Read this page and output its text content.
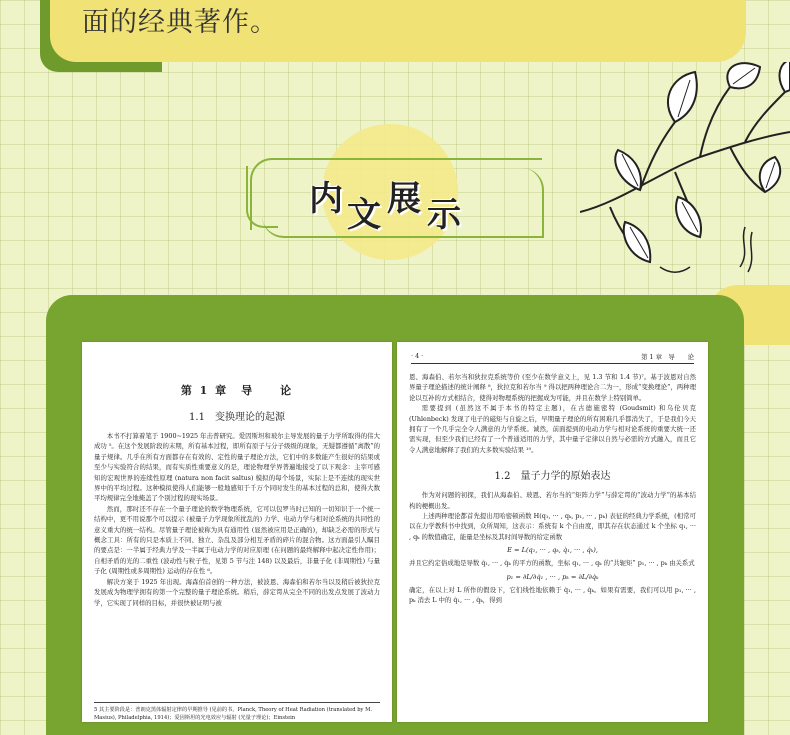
面的经典著作。
内 文 展 示
第 1 章　导　　论
1.1　变换理论的起源

本书不打算着笔于 1900∼1925 年击普研究。爱因斯坦和玻尔主导发展的量子力学所取得的伟大成功 ⁵。在这个发展阶段的末期，所有基本过程，即所有原子与分子级级的现象，无疑都遵循“离散”的量子规律。几乎在所有方面都存在有效的、定性的量子理论方法，它们中的多数能产生很好的结果或至少与实验符合的结果，而有实质性重要意义的是，理论物理学界普遍地接受了以下观念：主宰可感知的宏观世界的连续性原理 (natura non facit saltus) 模拟的每个场景，实际上是不连续的现实世界中的平均过程。这种模拟使得人们能够一般地感知于千万个同时发生的基本过程的总和，使得大数平均规律完全地掩盖了个别过程的现实场景。

然而，那时还不存在一个量子理论的数学物理系统，它可以包罗当时已知的一切知识于一个统一结构中，更不用说那个可以提示 (被量子力学现象所扰乱的) 力学、电动力学与相对论系统的共同性的意义重大的统一结构。尽管量子理论被称为具有通用性 (显然被应用是正确的)，却缺乏必需的形式与概念工具：所有的只是本质上不同、独立、杂乱及部分相互矛盾的碎片的混合物。这方面最引人瞩目的要点是：一半属于经典力学及一半属于电动力学的对应原理 (在问题的最终解释中起决定性作用)；自相矛盾的光的二重性 (波动性与粒子性，见第 5 节与注 148) 以及最后，非量子化 (非周期性) 与量子化 (周期性或多周期性) 运动的存在性 ⁶。

解决方案于 1925 年出现。海森伯首创的一种方法，被波恩、海森伯和若尔当以及稍后被狄拉克发展成为物理学拥有的第一个完整的量子理论系统。稍后，薛定谔从完全不同的出发点发展了波动力学，它实现了同样的目标，并很快被证明与被

5 其主要阶段是：普朗克黑体辐射定律的早期推导 (见前的书，Planck, Theory of Heat Radiation (translated by M. Masius), Philadelphia, 1914)；爱因斯坦的光电效应与辐射 (光量子理论)；Einstein
· 4 ·	第 1 章　导　　论

恩、海森伯、若尔当和狄拉克系统等价 (至少在数学意义上，见 1.3 节和 1.4 节)⁷。基于波恩对自然界量子理论描述的统计阐释 ⁸，狄拉克和若尔当 ⁹ 得以把两种理论合二为一，形成“变换理论”，两种理论以互补的方式相结合，使得对物理系统的把握成为可能，并且在数学上特别简单。

需要提到 (虽然这不属于本书的特定主题)，在古德施密特 (Goudsmit) 和乌伦贝克 (Uhlenbeck) 发现了电子的磁矩与自旋之后，早期量子理论的所有困难几乎都消失了，于是我们今天拥有了一个几乎完全令人满意的力学系统。诚然，前面提到的电动力学与相对论系统的重要大统一还需实现，但至少我们已经有了一个普通适用的力学，其中量子定律以自然与必需的方式融入，而且它令人满意地解释了我们的大多数实验结果 ¹⁰。

1.2　量子力学的原始表达

作为对问题的初探，我们从海森伯、玻恩、若尔当的“矩阵力学”与薛定谔的“波动力学”的基本结构的梗概出发。

上述两种理论都首先提出用哈密顿函数 H(q₁, ··· , qₖ, p₁, ··· , pₖ) 表征的经典力学系统，(相常可以在力学教科书中找到，众所周知，这表示：系统有 k 个自由度，即其存在状态通过 k 个坐标 q₁, ··· , qₖ 的数值确定，能量是坐标及其时间导数的给定函数

E = L(q₁, ··· , qₖ, q̇₁, ··· , q̇ₖ),

并且它约定俗成地是导数 q̇₁, ··· , q̇ₖ 的平方的函数，坐标 q₁, ··· , qₖ 的“共轭矩” p₁, ··· , pₖ 由关系式

p₁ = ∂L/∂q̇₁ , ··· , pₖ = ∂L/∂q̇ₖ

确定，在以上对 L 所作的假设下，它们线性地依赖于 q̇₁, ··· , q̇ₖ。如果有需要，我们可以用 p₁, ··· , pₖ 消去 L 中的 q̇₁, ··· , q̇ₖ，得到
